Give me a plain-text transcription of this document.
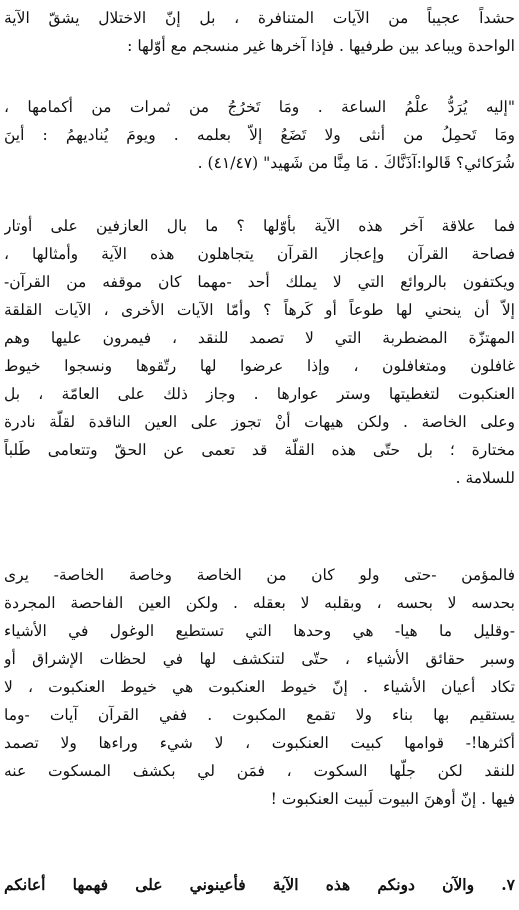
حشداً عجيباً من الآيات المتنافرة ، بل إنّ الاختلال يشقّ الآية
الواحدة ويباعد بين طرفيها . فإذا آخرها غير منسجم مع أوّلها :
"إليه يُرَدُّ علْمُ الساعة . ومَا تَخرُجُ من ثمرات من أكمامها ،
ومَا تَحمِلُ من أنثى ولا تَضَعُ إلاّ بعلمه . ويومَ يُناديهمُ : أينَ
شُرَكائي؟ قَالوا:آذَنَّاكَ . مَا مِنَّا من شَهيد" (٤١/٤٧) .
فما علاقة آخر هذه الآية بأوّلها ؟ ما بال العازفين على أوتار
فصاحة القرآن وإعجاز القرآن يتجاهلون هذه الآية وأمثالها ،
ويكتفون بالروائع التي لا يملك أحد -مهما كان موقفه من القرآن-
إلاّ أن ينحني لها طوعاً أو كَرهاً ؟ وأمّا الآيات الأخرى ، الآيات القلقة
المهتزّة المضطربة التي لا تصمد للنقد ، فيمرون عليها وهم
غافلون ومتغافلون ، وإذا عرضوا لها رتّقوها ونسجوا خيوط
العنكبوت لتغطيتها وستر عوارها . وجاز ذلك على العامّة ، بل
وعلى الخاصة . ولكن هيهات أنْ تجوز على العين الناقدة لقلّة نادرة
مختارة ؛ بل حتّى هذه القلّة قد تعمى عن الحقّ وتتعامى طَلباً
للسلامة .
فالمؤمن -حتى ولو كان من الخاصة وخاصة الخاصة- يرى
بحدسه لا بحسه ، وبقلبه لا بعقله . ولكن العين الفاحصة المجردة
-وقليل ما هيا- هي وحدها التي تستطيع الوغول في الأشياء
وسبر حقائق الأشياء ، حتّى لتنكشف لها في لحظات الإشراق أو
تكاد أعيان الأشياء . إنّ خيوط العنكبوت هي خيوط العنكبوت ، لا
يستقيم بها بناء ولا تقمع المكبوت . ففي القرآن آيات -وما
أكثرها!- قوامها كبيت العنكبوت ، لا شيء وراءها ولا تصمد
للنقد لكن جلّها السكوت ، فمَن لي بكشف المسكوت عنه
فيها . إنّ أوهنَ البيوت لَبيت العنكبوت !
٧. والآن دونكم هذه الآية فأعينوني على فهمها أعانكم
